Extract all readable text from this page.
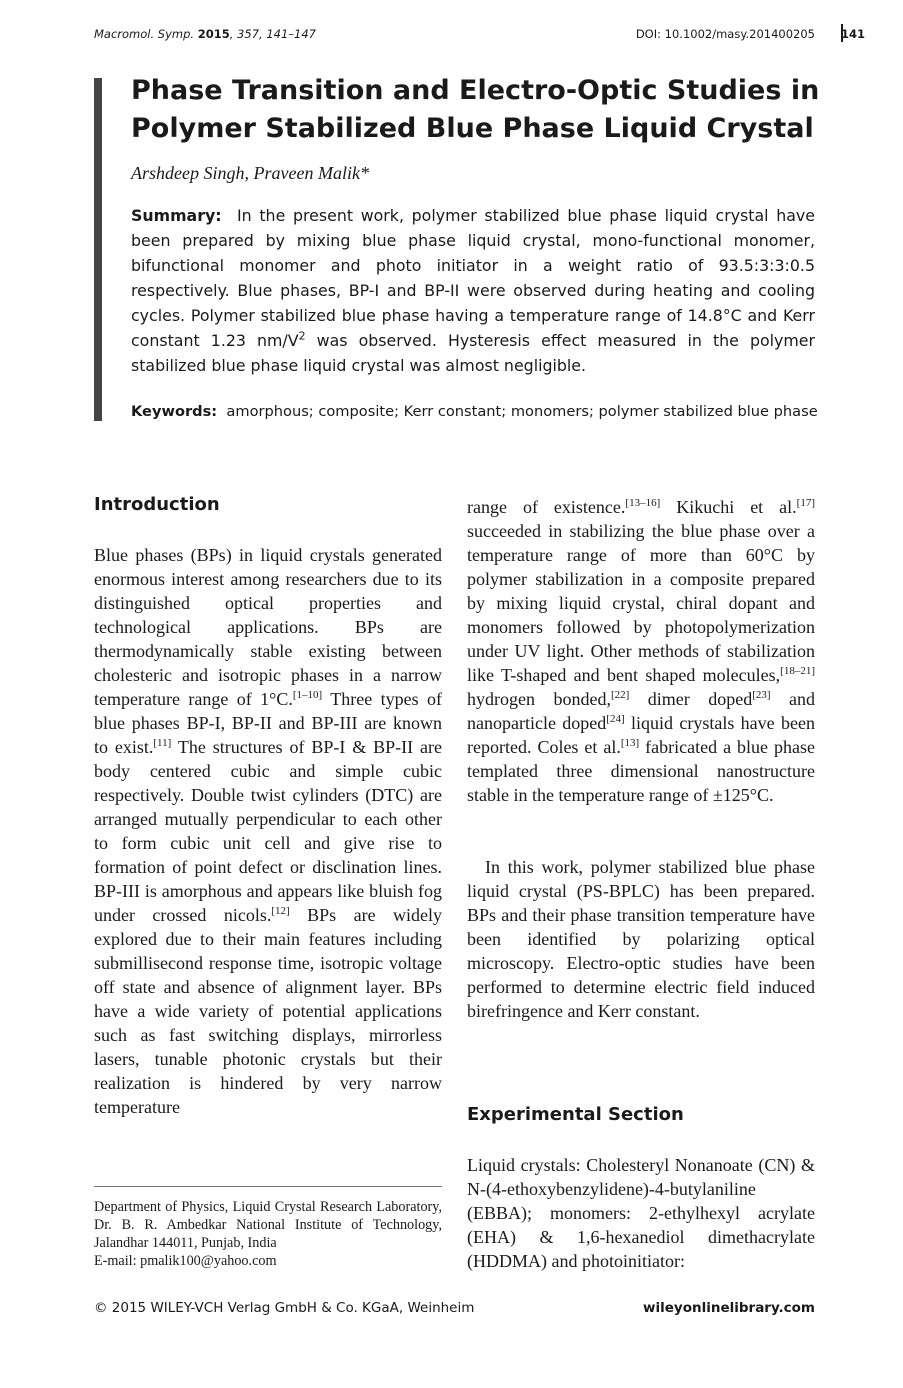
Macromol. Symp. 2015, 357, 141–147	DOI: 10.1002/masy.201400205 141
Phase Transition and Electro-Optic Studies in
Polymer Stabilized Blue Phase Liquid Crystal
Arshdeep Singh, Praveen Malik*

Summary: In the present work, polymer stabilized blue phase liquid crystal have been prepared by mixing blue phase liquid crystal, mono-functional monomer, bifunctional monomer and photo initiator in a weight ratio of 93.5:3:3:0.5 respectively. Blue phases, BP-I and BP-II were observed during heating and cooling cycles. Polymer stabilized blue phase having a temperature range of 14.8°C and Kerr constant 1.23 $nm/V^2$ was observed. Hysteresis effect measured in the polymer stabilized blue phase liquid crystal was almost negligible.

Keywords: amorphous; composite; Kerr constant; monomers; polymer stabilized blue phase
Introduction

Blue phases (BPs) in liquid crystals generated enormous interest among researchers due to its distinguished optical properties and technological applications. BPs are thermodynamically stable existing between cholesteric and isotropic phases in a narrow temperature range of 1°C.[1–10] Three types of blue phases BP-I, BP-II and BP-III are known to exist.[11] The structures of BP-I & BP-II are body centered cubic and simple cubic respectively. Double twist cylinders (DTC) are arranged mutually perpendicular to each other to form cubic unit cell and give rise to formation of point defect or disclination lines. BP-III is amorphous and appears like bluish fog under crossed nicols.[12] BPs are widely explored due to their main features including submillisecond response time, isotropic voltage off state and absence of alignment layer. BPs have a wide variety of potential applications such as fast switching displays, mirrorless lasers, tunable photonic crystals but their realization is hindered by very narrow temperature

Department of Physics, Liquid Crystal Research Laboratory, Dr. B. R. Ambedkar National Institute of Technology, Jalandhar 144011, Punjab, India
E-mail: pmalik100@yahoo.com

range of existence.[13–16] Kikuchi et al.[17] succeeded in stabilizing the blue phase over a temperature range of more than 60°C by polymer stabilization in a composite prepared by mixing liquid crystal, chiral dopant and monomers followed by photopolymerization under UV light. Other methods of stabilization like T-shaped and bent shaped molecules,[18–21] hydrogen bonded,[22] dimer doped[23] and nanoparticle doped[24] liquid crystals have been reported. Coles et al.[13] fabricated a blue phase templated three dimensional nanostructure stable in the temperature range of ±125°C.

In this work, polymer stabilized blue phase liquid crystal (PS-BPLC) has been prepared. BPs and their phase transition temperature have been identified by polarizing optical microscopy. Electro-optic studies have been performed to determine electric field induced birefringence and Kerr constant.

Experimental Section

Liquid crystals: Cholesteryl Nonanoate (CN) & N-(4-ethoxybenzylidene)-4-butylaniline (EBBA); monomers: 2-ethylhexyl acrylate (EHA) & 1,6-hexanediol dimethacrylate (HDDMA) and photoinitiator:

© 2015 WILEY-VCH Verlag GmbH & Co. KGaA, Weinheim	wileyonlinelibrary.com
